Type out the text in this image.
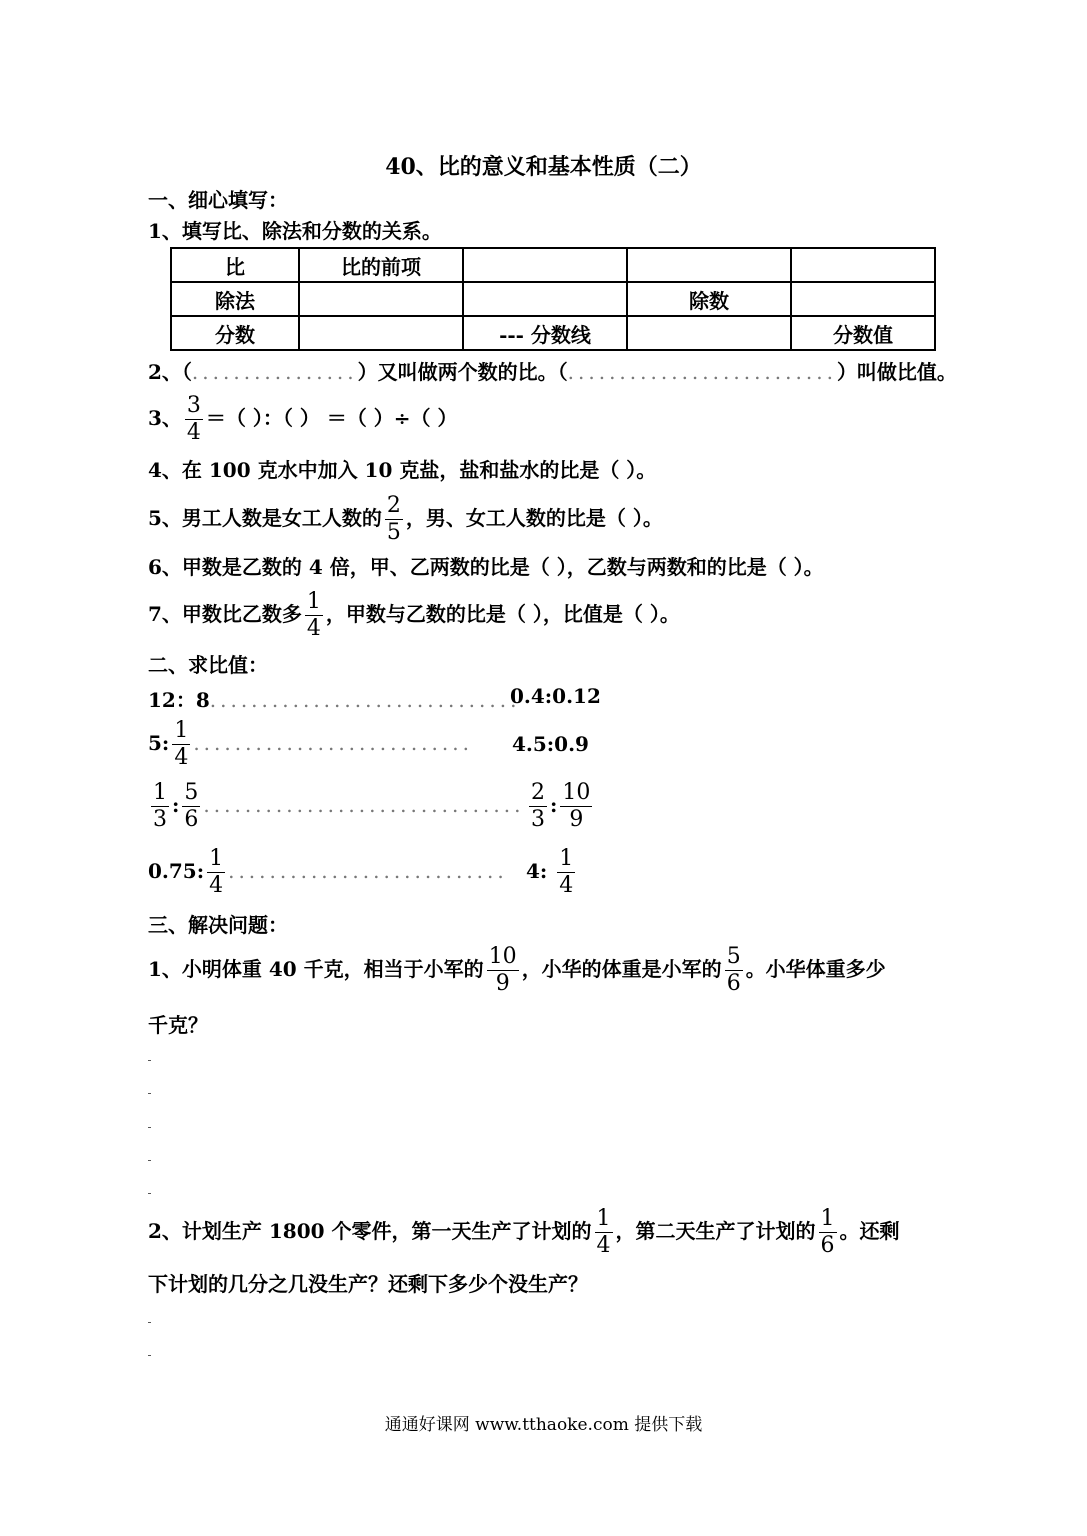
40、比的意义和基本性质（二）
一、细心填写：
1、填写比、除法和分数的关系。
比	比的前项			
除法			除数	
分数		--- 分数线		分数值
2、（................）又叫做两个数的比。（..........................）叫做比值。
3、 $\frac{3}{4}$ ＝（ ）：（ ） ＝（ ）÷（ ）
4、在 100 克水中加入 10 克盐，盐和盐水的比是（ ）。
5、男工人数是女工人数的 $\frac{2}{5}$ ，男、女工人数的比是（ ）。
6、甲数是乙数的 4 倍，甲、乙两数的比是（ ），乙数与两数和的比是（ ）。
7、甲数比乙数多 $\frac{1}{4}$ ，甲数与乙数的比是（ ），比值是（ ）。
二、求比值：
12：8..............................
0.4:0.12
5: $\frac{1}{4}$ ........................... 4.5:0.9
$\frac{1}{3}$ : $\frac{5}{6}$ ............................... $\frac{2}{3}$ : $\frac{10}{9}$
0.75: $\frac{1}{4}$ ........................... 4: $\frac{1}{4}$
三、解决问题：
1、小明体重 40 千克，相当于小军的 $\frac{10}{9}$ ，小华的体重是小军的 $\frac{5}{6}$ 。小华体重多少
千克？
2、计划生产 1800 个零件，第一天生产了计划的 $\frac{1}{4}$ ，第二天生产了计划的 $\frac{1}{6}$ 。还剩
下计划的几分之几没生产？还剩下多少个没生产？
通通好课网 www.tthaoke.com 提供下载
